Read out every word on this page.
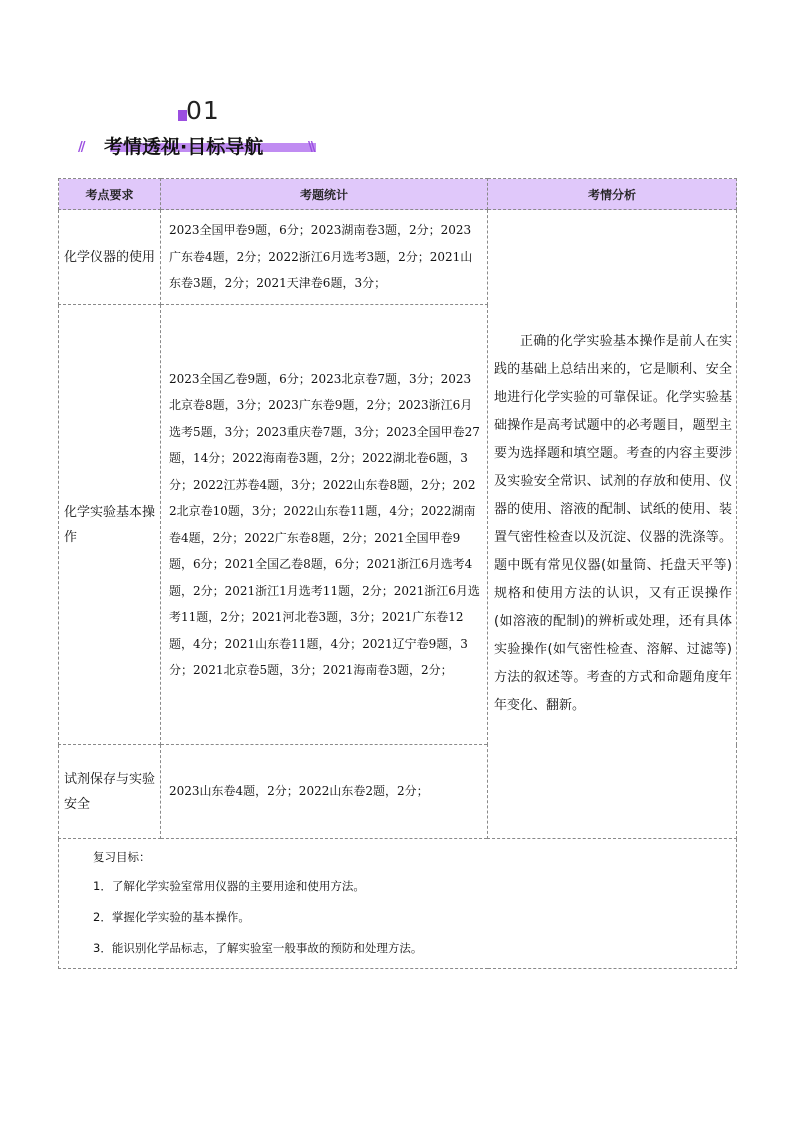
01
// 考情透视·目标导航	\\
考点要求	考题统计	考情分析
化学仪器的使用	2023全国甲卷9题，6分；2023湖南卷3题，2分；2023广东卷4题，2分；2022浙江6月选考3题，2分；2021山东卷3题，2分；2021天津卷6题，3分；	正确的化学实验基本操作是前人在实践的基础上总结出来的，它是顺利、安全地进行化学实验的可靠保证。化学实验基础操作是高考试题中的必考题目，题型主要为选择题和填空题。考查的内容主要涉及实验安全常识、试剂的存放和使用、仪器的使用、溶液的配制、试纸的使用、装置气密性检查以及沉淀、仪器的洗涤等。题中既有常见仪器(如量筒、托盘天平等)规格和使用方法的认识，又有正误操作(如溶液的配制)的辨析或处理，还有具体实验操作(如气密性检查、溶解、过滤等)方法的叙述等。考查的方式和命题角度年年变化、翻新。

化学实验基本操作	2023全国乙卷9题，6分；2023北京卷7题，3分；2023北京卷8题，3分；2023广东卷9题，2分；2023浙江6月选考5题，3分；2023重庆卷7题，3分；2023全国甲卷27题，14分；2022海南卷3题，2分；2022湖北卷6题，3分；2022江苏卷4题，3分；2022山东卷8题，2分；2022北京卷10题，3分；2022山东卷11题，4分；2022湖南卷4题，2分；2022广东卷8题，2分；2021全国甲卷9题，6分；2021全国乙卷8题，6分；2021浙江6月选考4题，2分；2021浙江1月选考11题，2分；2021浙江6月选考11题，2分；2021河北卷3题，3分；2021广东卷12题，4分；2021山东卷11题，4分；2021辽宁卷9题，3分；2021北京卷5题，3分；2021海南卷3题，2分；	
试剂保存与实验安全	2023山东卷4题，2分；2022山东卷2题，2分；	

复习目标：
1．了解化学实验室常用仪器的主要用途和使用方法。
2．掌握化学实验的基本操作。
3．能识别化学品标志，了解实验室一般事故的预防和处理方法。		
